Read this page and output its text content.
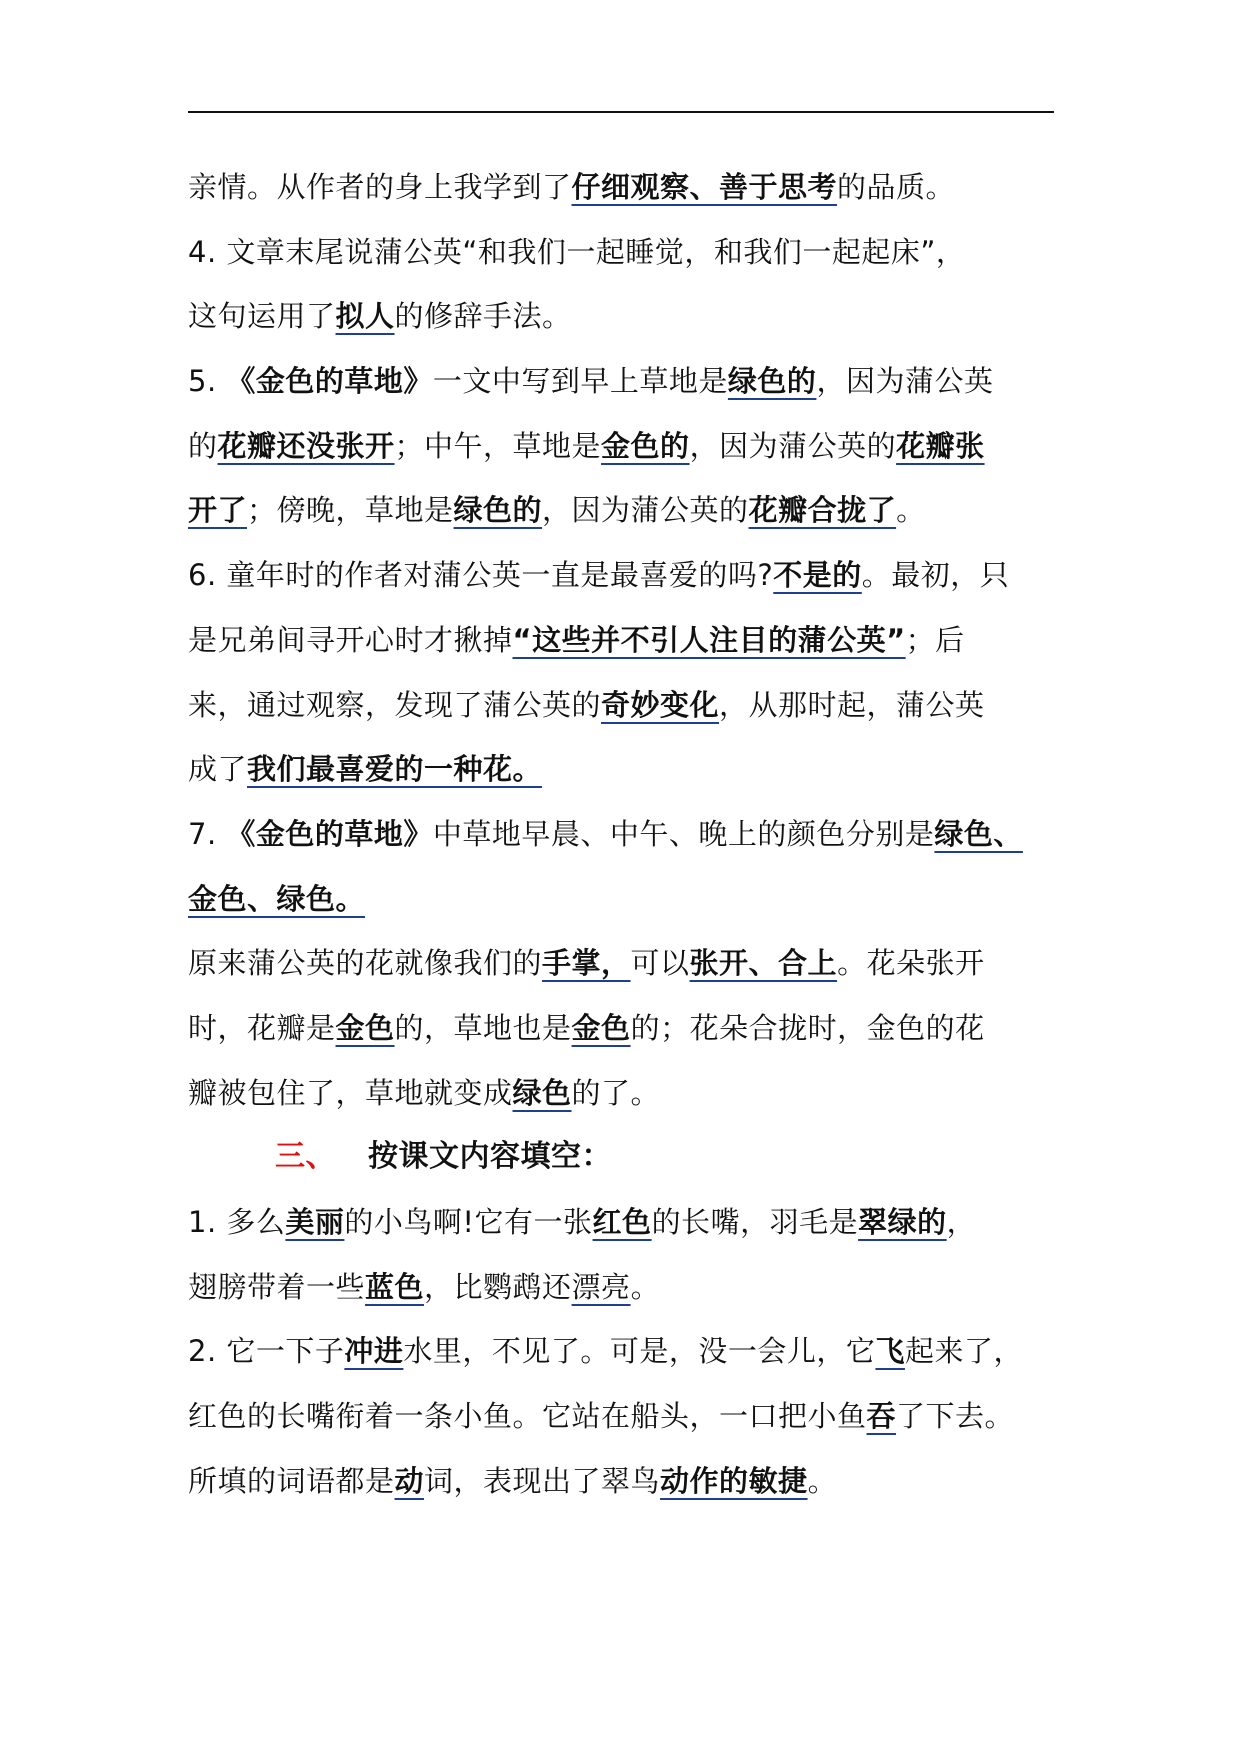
亲情。从作者的身上我学到了仔细观察、善于思考的品质。
4. 文章末尾说蒲公英“和我们一起睡觉，和我们一起起床”，
这句运用了拟人的修辞手法。
5. 《金色的草地》一文中写到早上草地是绿色的，因为蒲公英
的花瓣还没张开；中午，草地是金色的，因为蒲公英的花瓣张
开了；傍晚，草地是绿色的，因为蒲公英的花瓣合拢了。
6. 童年时的作者对蒲公英一直是最喜爱的吗?不是的。最初，只
是兄弟间寻开心时才揪掉“这些并不引人注目的蒲公英”；后
来，通过观察，发现了蒲公英的奇妙变化，从那时起，蒲公英
成了我们最喜爱的一种花。
7. 《金色的草地》中草地早晨、中午、晚上的颜色分别是绿色、
金色、绿色。
原来蒲公英的花就像我们的手掌，可以张开、合上。花朵张开
时，花瓣是金色的，草地也是金色的；花朵合拢时，金色的花
瓣被包住了，草地就变成绿色的了。
三、 按课文内容填空：
1. 多么美丽的小鸟啊!它有一张红色的长嘴，羽毛是翠绿的，
翅膀带着一些蓝色，比鹦鹉还漂亮。
2. 它一下子冲进水里，不见了。可是，没一会儿，它飞起来了，
红色的长嘴衔着一条小鱼。它站在船头，一口把小鱼吞了下去。
所填的词语都是动词，表现出了翠鸟动作的敏捷。
